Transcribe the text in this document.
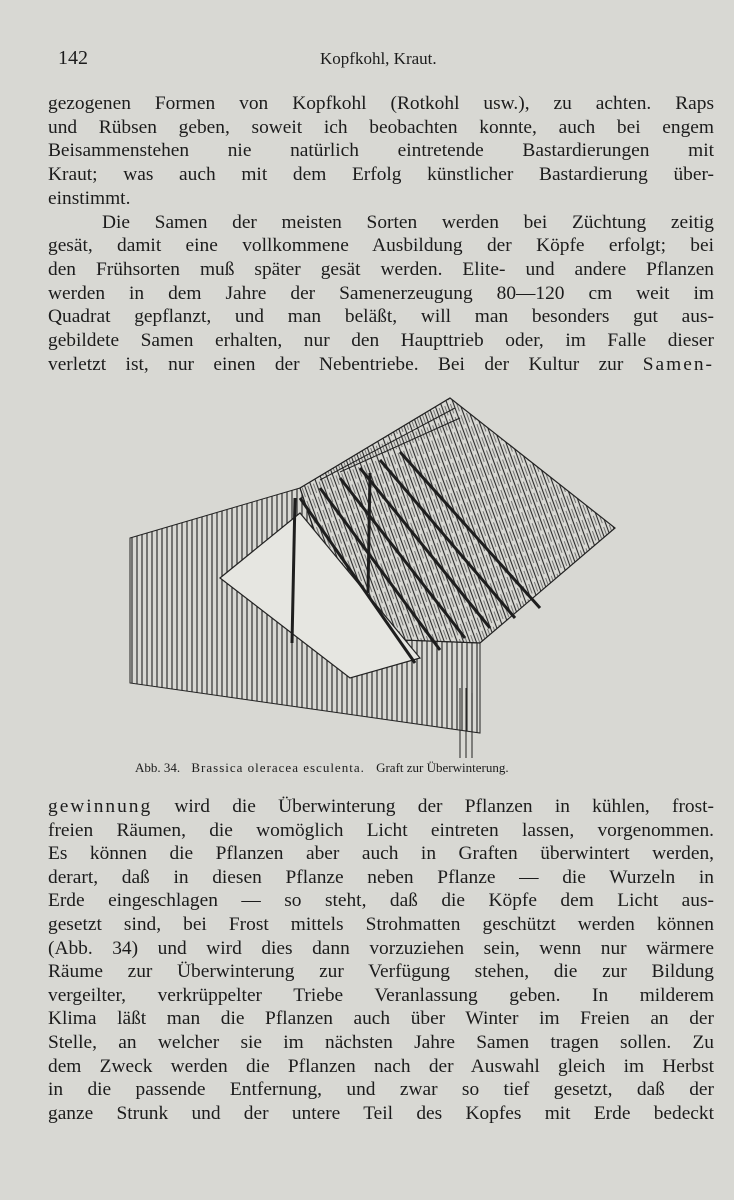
142	Kopfkohl, Kraut.
gezogenen Formen von Kopfkohl (Rotkohl usw.), zu achten. Raps
und Rübsen geben, soweit ich beobachten konnte, auch bei engem
Beisammenstehen nie natürlich eintretende Bastardierungen mit
Kraut; was auch mit dem Erfolg künstlicher Bastardierung über-
einstimmt.
Die Samen der meisten Sorten werden bei Züchtung zeitig
gesät, damit eine vollkommene Ausbildung der Köpfe erfolgt; bei
den Frühsorten muß später gesät werden. Elite- und andere Pflanzen
werden in dem Jahre der Samenerzeugung 80—120 cm weit im
Quadrat gepflanzt, und man beläßt, will man besonders gut aus-
gebildete Samen erhalten, nur den Haupttrieb oder, im Falle dieser
verletzt ist, nur einen der Nebentriebe. Bei der Kultur zur Samen-
Abb. 34. Brassica oleracea esculenta. Graft zur Überwinterung.
gewinnung wird die Überwinterung der Pflanzen in kühlen, frost-
freien Räumen, die womöglich Licht eintreten lassen, vorgenommen.
Es können die Pflanzen aber auch in Graften überwintert werden,
derart, daß in diesen Pflanze neben Pflanze — die Wurzeln in
Erde eingeschlagen — so steht, daß die Köpfe dem Licht aus-
gesetzt sind, bei Frost mittels Strohmatten geschützt werden können
(Abb. 34) und wird dies dann vorzuziehen sein, wenn nur wärmere
Räume zur Überwinterung zur Verfügung stehen, die zur Bildung
vergeilter, verkrüppelter Triebe Veranlassung geben. In milderem
Klima läßt man die Pflanzen auch über Winter im Freien an der
Stelle, an welcher sie im nächsten Jahre Samen tragen sollen. Zu
dem Zweck werden die Pflanzen nach der Auswahl gleich im Herbst
in die passende Entfernung, und zwar so tief gesetzt, daß der
ganze Strunk und der untere Teil des Kopfes mit Erde bedeckt
